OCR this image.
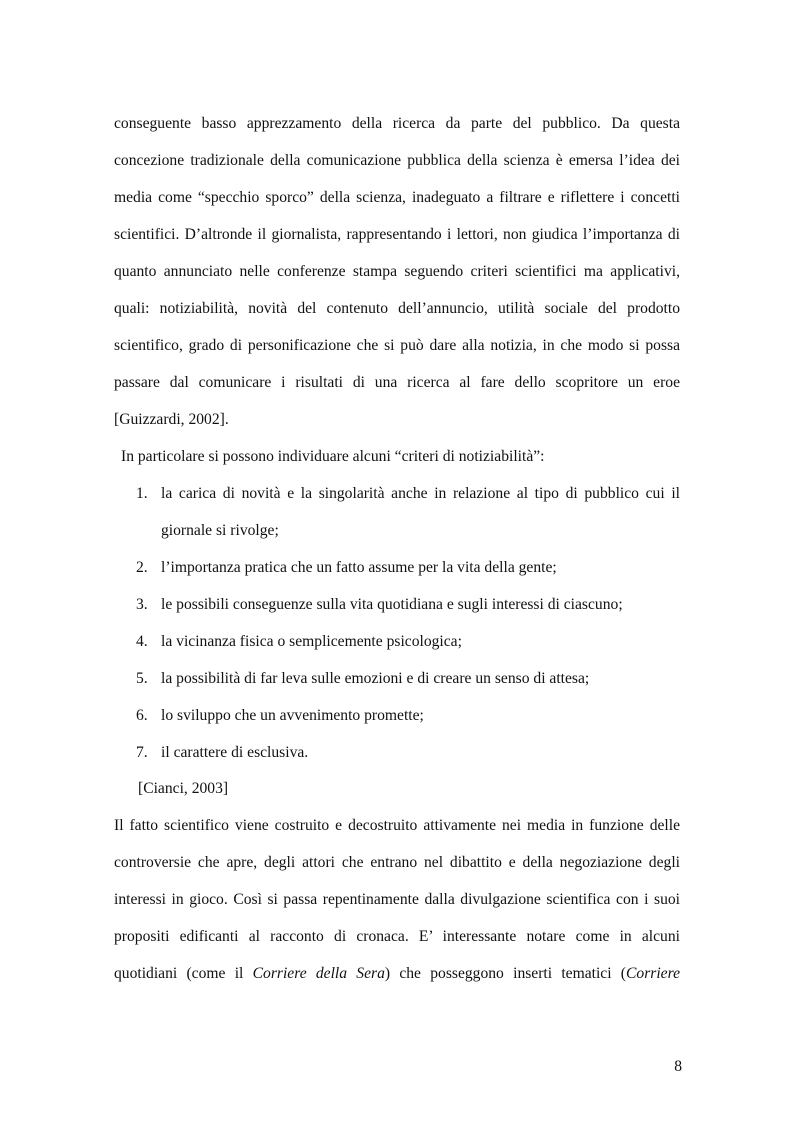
conseguente basso apprezzamento della ricerca da parte del pubblico. Da questa
concezione tradizionale della comunicazione pubblica della scienza è emersa l’idea dei
media come “specchio sporco” della scienza, inadeguato a filtrare e riflettere i concetti
scientifici. D’altronde il giornalista, rappresentando i lettori, non giudica l’importanza di
quanto annunciato nelle conferenze stampa seguendo criteri scientifici ma applicativi,
quali: notiziabilità, novità del contenuto dell’annuncio, utilità sociale del prodotto
scientifico, grado di personificazione che si può dare alla notizia, in che modo si possa
passare dal comunicare i risultati di una ricerca al fare dello scopritore un eroe
[Guizzardi, 2002].
In particolare si possono individuare alcuni “criteri di notiziabilità”:
1. la carica di novità e la singolarità anche in relazione al tipo di pubblico cui il
giornale si rivolge;
2. l’importanza pratica che un fatto assume per la vita della gente;
3. le possibili conseguenze sulla vita quotidiana e sugli interessi di ciascuno;
4. la vicinanza fisica o semplicemente psicologica;
5. la possibilità di far leva sulle emozioni e di creare un senso di attesa;
6. lo sviluppo che un avvenimento promette;
7. il carattere di esclusiva.
[Cianci, 2003]
Il fatto scientifico viene costruito e decostruito attivamente nei media in funzione delle
controversie che apre, degli attori che entrano nel dibattito e della negoziazione degli
interessi in gioco. Così si passa repentinamente dalla divulgazione scientifica con i suoi
propositi edificanti al racconto di cronaca. E’ interessante notare come in alcuni
quotidiani (come il Corriere della Sera) che posseggono inserti tematici (Corriere
8
